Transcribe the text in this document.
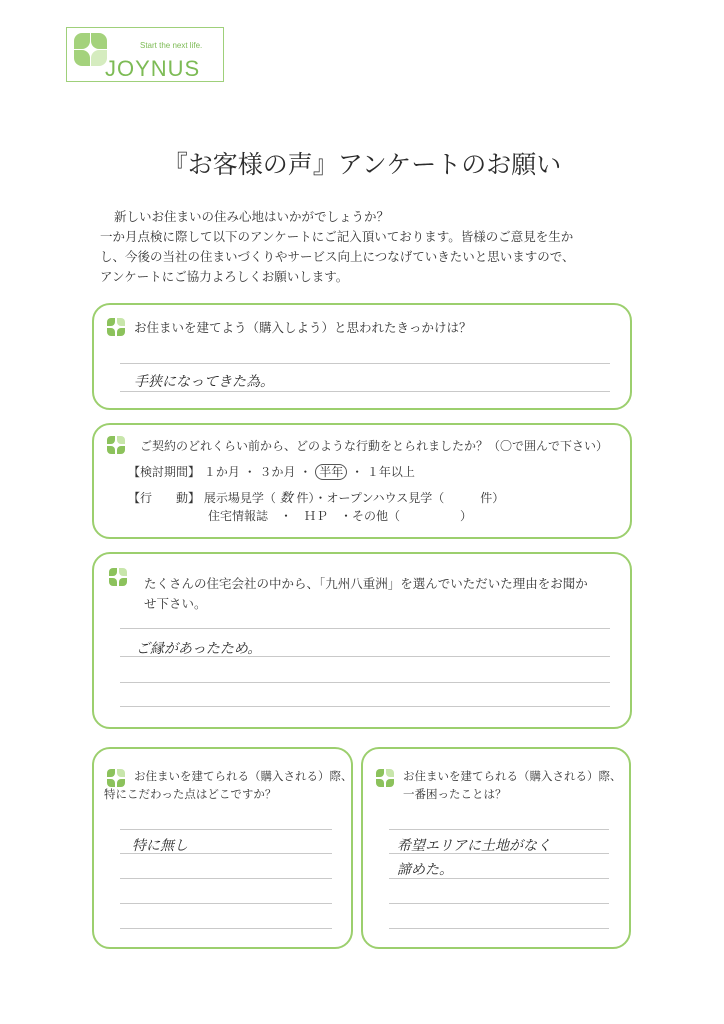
Start the next life.
JOYNUS
『お客様の声』アンケートのお願い
新しいお住まいの住み心地はいかがでしょうか？
一か月点検に際して以下のアンケートにご記入頂いております。皆様のご意見を生か
し、今後の当社の住まいづくりやサービス向上につなげていきたいと思いますので、
アンケートにご協力よろしくお願いします。
お住まいを建てよう（購入しよう）と思われたきっかけは？
手狭になってきた為。
ご契約のどれくらい前から、どのような行動をとられましたか？（〇で囲んで下さい）
【検討期間】 １か月 ・ ３か月 ・ 半年 ・ １年以上
【行　　動】 展示場見学（ 数 件）・オープンハウス見学（　　　件）
住宅情報誌　・　ＨＰ　・その他（　　　　　）
たくさんの住宅会社の中から、「九州八重洲」を選んでいただいた理由をお聞か
せ下さい。
ご縁があったため。
お住まいを建てられる（購入される）際、
特にこだわった点はどこですか？
特に無し
お住まいを建てられる（購入される）際、
一番困ったことは？
希望エリアに土地がなく
諦めた。
